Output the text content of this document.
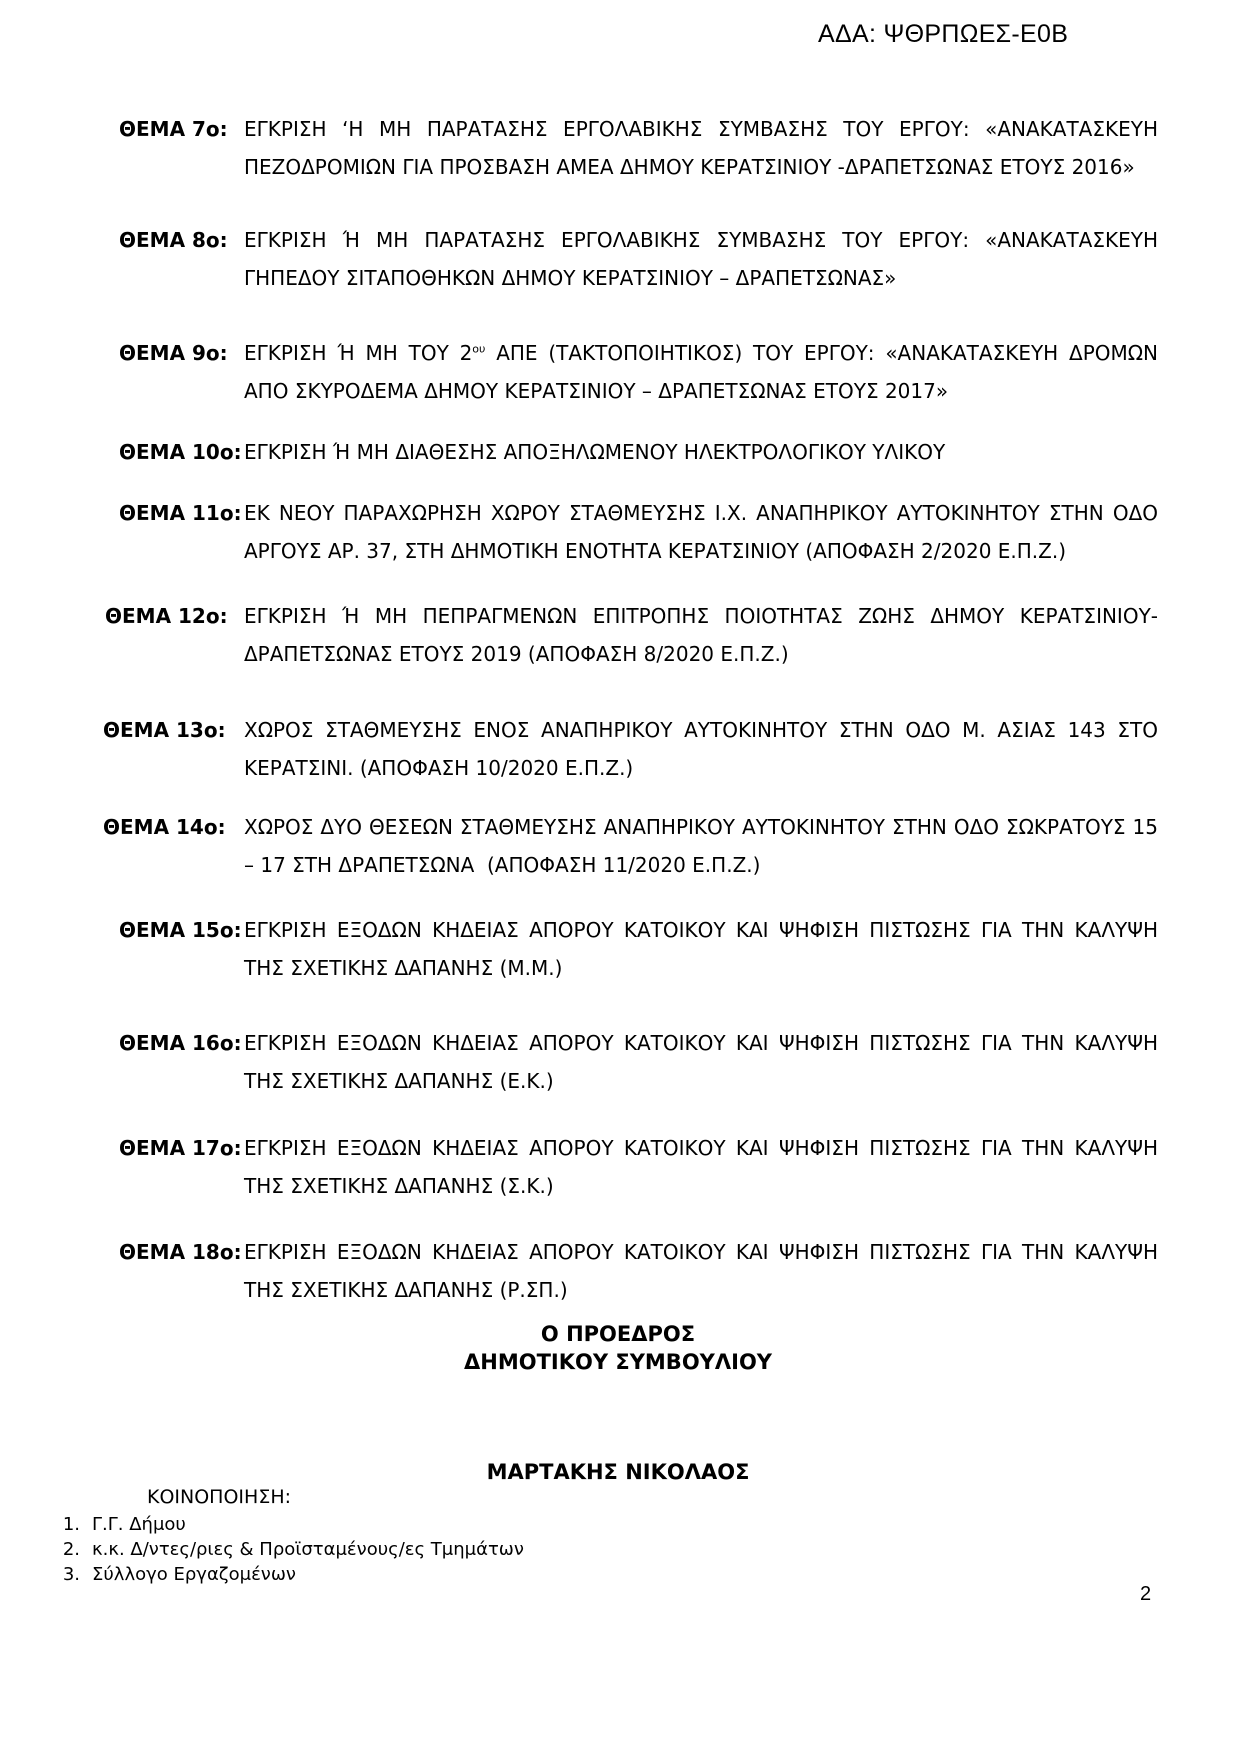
ΑΔΑ: ΨΘΡΠΩΕΣ-Ε0Β
ΘΕΜΑ 7ο: ΕΓΚΡΙΣΗ ‘Η ΜΗ ΠΑΡΑΤΑΣΗΣ ΕΡΓΟΛΑΒΙΚΗΣ ΣΥΜΒΑΣΗΣ ΤΟΥ ΕΡΓΟΥ: «ΑΝΑΚΑΤΑΣΚΕΥΗ ΠΕΖΟΔΡΟΜΙΩΝ ΓΙΑ ΠΡΟΣΒΑΣΗ ΑΜΕΑ ΔΗΜΟΥ ΚΕΡΑΤΣΙΝΙΟΥ -ΔΡΑΠΕΤΣΩΝΑΣ ΕΤΟΥΣ 2016»
ΘΕΜΑ 8ο: ΕΓΚΡΙΣΗ Ή ΜΗ ΠΑΡΑΤΑΣΗΣ ΕΡΓΟΛΑΒΙΚΗΣ ΣΥΜΒΑΣΗΣ ΤΟΥ ΕΡΓΟΥ: «ΑΝΑΚΑΤΑΣΚΕΥΗ ΓΗΠΕΔΟΥ ΣΙΤΑΠΟΘΗΚΩΝ ΔΗΜΟΥ ΚΕΡΑΤΣΙΝΙΟΥ – ΔΡΑΠΕΤΣΩΝΑΣ»
ΘΕΜΑ 9ο: ΕΓΚΡΙΣΗ Ή ΜΗ ΤΟΥ $2^{o\upsilon}$ ΑΠΕ (ΤΑΚΤΟΠΟΙΗΤΙΚΟΣ) ΤΟΥ ΕΡΓΟΥ: «ΑΝΑΚΑΤΑΣΚΕΥΗ ΔΡΟΜΩΝ ΑΠΟ ΣΚΥΡΟΔΕΜΑ ΔΗΜΟΥ ΚΕΡΑΤΣΙΝΙΟΥ – ΔΡΑΠΕΤΣΩΝΑΣ ΕΤΟΥΣ 2017»
ΘΕΜΑ 10ο: ΕΓΚΡΙΣΗ Ή ΜΗ ΔΙΑΘΕΣΗΣ ΑΠΟΞΗΛΩΜΕΝΟΥ ΗΛΕΚΤΡΟΛΟΓΙΚΟΥ ΥΛΙΚΟΥ
ΘΕΜΑ 11ο: ΕΚ ΝΕΟΥ ΠΑΡΑΧΩΡΗΣΗ ΧΩΡΟΥ ΣΤΑΘΜΕΥΣΗΣ Ι.Χ. ΑΝΑΠΗΡΙΚΟΥ ΑΥΤΟΚΙΝΗΤΟΥ ΣΤΗΝ ΟΔΟ ΑΡΓΟΥΣ ΑΡ. 37, ΣΤΗ ΔΗΜΟΤΙΚΗ ΕΝΟΤΗΤΑ ΚΕΡΑΤΣΙΝΙΟΥ (ΑΠΟΦΑΣΗ 2/2020 Ε.Π.Ζ.)
ΘΕΜΑ 12ο: ΕΓΚΡΙΣΗ Ή ΜΗ ΠΕΠΡΑΓΜΕΝΩΝ ΕΠΙΤΡΟΠΗΣ ΠΟΙΟΤΗΤΑΣ ΖΩΗΣ ΔΗΜΟΥ ΚΕΡΑΤΣΙΝΙΟΥ-ΔΡΑΠΕΤΣΩΝΑΣ ΕΤΟΥΣ 2019 (ΑΠΟΦΑΣΗ 8/2020 Ε.Π.Ζ.)
ΘΕΜΑ 13ο: ΧΩΡΟΣ ΣΤΑΘΜΕΥΣΗΣ ΕΝΟΣ ΑΝΑΠΗΡΙΚΟΥ ΑΥΤΟΚΙΝΗΤΟΥ ΣΤΗΝ ΟΔΟ Μ. ΑΣΙΑΣ 143 ΣΤΟ ΚΕΡΑΤΣΙΝΙ. (ΑΠΟΦΑΣΗ 10/2020 Ε.Π.Ζ.)
ΘΕΜΑ 14ο: ΧΩΡΟΣ ΔΥΟ ΘΕΣΕΩΝ ΣΤΑΘΜΕΥΣΗΣ ΑΝΑΠΗΡΙΚΟΥ ΑΥΤΟΚΙΝΗΤΟΥ ΣΤΗΝ ΟΔΟ ΣΩΚΡΑΤΟΥΣ 15 – 17 ΣΤΗ ΔΡΑΠΕΤΣΩΝΑ  (ΑΠΟΦΑΣΗ 11/2020 Ε.Π.Ζ.)
ΘΕΜΑ 15ο: ΕΓΚΡΙΣΗ ΕΞΟΔΩΝ ΚΗΔΕΙΑΣ ΑΠΟΡΟΥ ΚΑΤΟΙΚΟΥ ΚΑΙ ΨΗΦΙΣΗ ΠΙΣΤΩΣΗΣ ΓΙΑ ΤΗΝ ΚΑΛΥΨΗ ΤΗΣ ΣΧΕΤΙΚΗΣ ΔΑΠΑΝΗΣ (Μ.Μ.)
ΘΕΜΑ 16ο: ΕΓΚΡΙΣΗ ΕΞΟΔΩΝ ΚΗΔΕΙΑΣ ΑΠΟΡΟΥ ΚΑΤΟΙΚΟΥ ΚΑΙ ΨΗΦΙΣΗ ΠΙΣΤΩΣΗΣ ΓΙΑ ΤΗΝ ΚΑΛΥΨΗ ΤΗΣ ΣΧΕΤΙΚΗΣ ΔΑΠΑΝΗΣ (Ε.Κ.)
ΘΕΜΑ 17ο: ΕΓΚΡΙΣΗ ΕΞΟΔΩΝ ΚΗΔΕΙΑΣ ΑΠΟΡΟΥ ΚΑΤΟΙΚΟΥ ΚΑΙ ΨΗΦΙΣΗ ΠΙΣΤΩΣΗΣ ΓΙΑ ΤΗΝ ΚΑΛΥΨΗ ΤΗΣ ΣΧΕΤΙΚΗΣ ΔΑΠΑΝΗΣ (Σ.Κ.)
ΘΕΜΑ 18ο: ΕΓΚΡΙΣΗ ΕΞΟΔΩΝ ΚΗΔΕΙΑΣ ΑΠΟΡΟΥ ΚΑΤΟΙΚΟΥ ΚΑΙ ΨΗΦΙΣΗ ΠΙΣΤΩΣΗΣ ΓΙΑ ΤΗΝ ΚΑΛΥΨΗ ΤΗΣ ΣΧΕΤΙΚΗΣ ΔΑΠΑΝΗΣ (Ρ.ΣΠ.)
Ο ΠΡΟΕΔΡΟΣ
ΔΗΜΟΤΙΚΟΥ ΣΥΜΒΟΥΛΙΟΥ
ΜΑΡΤΑΚΗΣ ΝΙΚΟΛΑΟΣ
ΚΟΙΝΟΠΟΙΗΣΗ:
1. Γ.Γ. Δήμου
2. κ.κ. Δ/ντες/ριες & Προϊσταμένους/ες Τμημάτων
3. Σύλλογο Εργαζομένων
2
